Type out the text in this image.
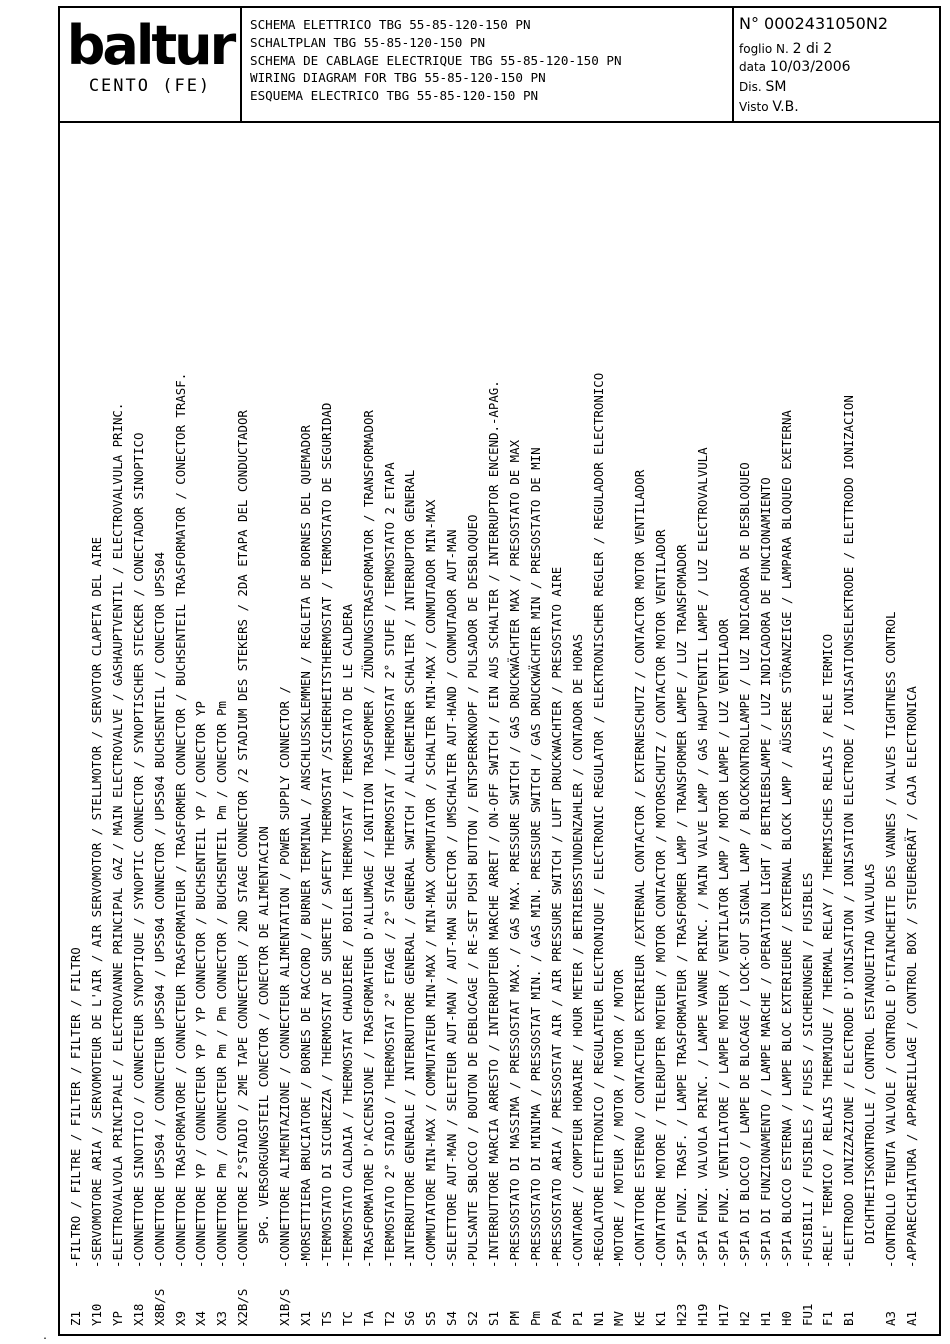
baltur
CENTO (FE)
SCHEMA ELETTRICO TBG 55-85-120-150 PN
SCHALTPLAN TBG 55-85-120-150 PN
SCHEMA DE CABLAGE ELECTRIQUE TBG 55-85-120-150 PN
WIRING DIAGRAM FOR TBG 55-85-120-150 PN
ESQUEMA ELECTRICO TBG 55-85-120-150 PN
N° 0002431050N2
foglio N. 2 di 2
data 10/03/2006
Dis. SM
Visto V.B.
A1
-APPARECCHIATURA / APPAREILLAGE / CONTROL BOX / STEUERGERÄT / CAJA ELECTRONICA
A3
-CONTROLLO TENUTA VALVOLE / CONTROLE D'ETAINCHEITE DES VANNES / VALVES TIGHTNESS CONTROL
DICHTHEITSKONTROLLE / CONTROL ESTANQUEITAD VALVULAS
B1
-ELETTRODO IONIZZAZIONE / ELECTRODE D'IONISATION / IONISATION ELECTRODE / IONISATIONSELEKTRODE / ELETTRODO IONIZACION
F1
-RELE' TERMICO / RELAIS THERMIQUE / THERMAL RELAY / THERMISCHES RELAIS / RELE TERMICO
FU1
-FUSIBILI / FUSIBLES / FUSES / SICHERUNGEN / FUSIBLES
H0
-SPIA BLOCCO ESTERNA / LAMPE BLOC EXTERIEURE / EXTERNAL BLOCK LAMP / AÜSSERE STÖRANZEIGE / LAMPARA BLOQUEO EXETERNA
H1
-SPIA DI FUNZIONAMENTO / LAMPE MARCHE / OPERATION LIGHT / BETRIEBSLAMPE / LUZ INDICADORA DE FUNCIONAMIENTO
H2
-SPIA DI BLOCCO / LAMPE DE BLOCAGE / LOCK-OUT SIGNAL LAMP / BLOCKKONTROLLAMPE / LUZ INDICADORA DE DESBLOQUEO
H17
-SPIA FUNZ. VENTILATORE / LAMPE MOTEUR / VENTILATOR LAMP / MOTOR LAMPE / LUZ VENTILADOR
H19
-SPIA FUNZ. VALVOLA PRINC. / LAMPE VANNE PRINC. / MAIN VALVE LAMP / GAS HAUPTVENTIL LAMPE / LUZ ELECTROVALVULA
H23
-SPIA FUNZ. TRASF. / LAMPE TRASFORMATEUR / TRASFORMER LAMP / TRANSFORMER LAMPE / LUZ TRANSFOMADOR
K1
-CONTATTORE MOTORE / TELERUPTER MOTEUR / MOTOR CONTACTOR / MOTORSCHUTZ / CONTACTOR MOTOR VENTILADOR
KE
-CONTATTORE ESTERNO / CONTACTEUR EXTERIEUR /EXTERNAL CONTACTOR / EXTERNESCHUTZ / CONTACTOR MOTOR VENTILADOR
MV
-MOTORE / MOTEUR / MOTOR / MOTOR / MOTOR
N1
-REGOLATORE ELETTRONICO / REGULATEUR ELECTRONIQUE / ELECTRONIC REGULATOR / ELEKTRONISCHER REGLER / REGULADOR ELECTRONICO
P1
-CONTAORE / COMPTEUR HORAIRE / HOUR METER / BETRIEBSSTUNDENZAHLER / CONTADOR DE HORAS
PA
-PRESSOSTATO ARIA / PRESSOSTAT AIR / AIR PRESSURE SWITCH / LUFT DRUCKWACHTER / PRESOSTATO AIRE
Pm
-PRESSOSTATO DI MINIMA / PRESSOSTAT MIN. / GAS MIN. PRESSURE SWITCH / GAS DRUCKWÄCHTER MIN / PRESOSTATO DE MIN
PM
-PRESSOSTATO DI MASSIMA / PRESSOSTAT MAX. / GAS MAX. PRESSURE SWITCH / GAS DRUCKWÄCHTER MAX / PRESOSTATO DE MAX
S1
-INTERRUTTORE MARCIA ARRESTO / INTERRUPTEUR MARCHE ARRET / ON-OFF SWITCH / EIN AUS SCHALTER / INTERRUPTOR ENCEND.-APAG.
S2
-PULSANTE SBLOCCO / BOUTON DE DEBLOCAGE / RE-SET PUSH BUTTON / ENTSPERRKNOPF / PULSADOR DE DESBLOQUEO
S4
-SELETTORE AUT-MAN / SELETEUR AUT-MAN / AUT-MAN SELECTOR / UMSCHALTER AUT-HAND / CONMUTADOR AUT-MAN
S5
-COMMUTATORE MIN-MAX / COMMUTATEUR MIN-MAX / MIN-MAX COMMUTATOR / SCHALTER MIN-MAX / CONMUTADOR MIN-MAX
SG
-INTERRUTTORE GENERALE / INTERRUTTORE GENERAL / GENERAL SWITCH / ALLGEMEINER SCHALTER / INTERRUPTOR GENERAL
T2
-TERMOSTATO 2° STADIO / THERMOSTAT 2° ETAGE / 2° STAGE THERMOSTAT / THERMOSTAT 2° STUFE / TERMOSTATO 2 ETAPA
TA
-TRASFORMATORE D'ACCENSIONE / TRASFORMATEUR D'ALLUMAGE / IGNITION TRASFORMER / ZÜNDUNGSTRASFORMATOR / TRANSFORMADOR
TC
-TERMOSTATO CALDAIA / THERMOSTAT CHAUDIERE / BOILER THERMOSTAT / TERMOSTATO DE LE CALDERA
TS
-TERMOSTATO DI SICUREZZA / THERMOSTAT DE SURETE / SAFETY THERMOSTAT /SICHERHEITSTHERMOSTAT / TERMOSTATO DE SEGURIDAD
X1
-MORSETTIERA BRUCIATORE / BORNES DE RACCORD / BURNER TERMINAL / ANSCHLUSSKLEMMEN / REGLETA DE BORNES DEL QUEMADOR
X1B/S
-CONNETTORE ALIMENTAZIONE / CONNECTEUR ALIMENTATION / POWER SUPPLY CONNECTOR /
SPG. VERSORGUNGSTEIL CONECTOR / CONECTOR DE ALIMENTACION
X2B/S
-CONNETTORE 2°STADIO / 2ME TAPE CONNECTEUR / 2ND STAGE CONNECTOR /2 STADIUM DES STEKERS / 2DA ETAPA DEL CONDUCTADOR
X3
-CONNETTORE Pm / CONNECTEUR Pm / Pm CONNECTOR / BUCHSENTEIL Pm / CONECTOR Pm
X4
-CONNETTORE YP / CONNECTEUR YP / YP CONNECTOR / BUCHSENTEIL YP / CONECTOR YP
X9
-CONNETTORE TRASFORMATORE / CONNECTEUR TRASFORMATEUR / TRASFORMER CONNECTOR / BUCHSENTEIL TRASFORMATOR / CONECTOR TRASF.
X8B/S
-CONNETTORE UPS504 / CONNECTEUR UPS504 / UPS504 CONNECTOR / UPS504 BUCHSENTEIL / CONECTOR UPS504
X18
-CONNETTORE SINOTTICO / CONNECTEUR SYNOPTIQUE / SYNOPTIC CONNECTOR / SYNOPTISCHER STECKER / CONECTADOR SINOPTICO
YP
-ELETTROVALVOLA PRINCIPALE / ELECTROVANNE PRINCIPAL GAZ / MAIN ELECTROVALVE / GASHAUPTVENTIL / ELECTROVALVULA PRINC.
Y10
-SERVOMOTORE ARIA / SERVOMOTEUR DE L'AIR / AIR SERVOMOTOR / STELLMOTOR / SERVOTOR CLAPETA DEL AIRE
Z1
-FILTRO / FILTRE / FILTER / FILTER / FILTRO
.
